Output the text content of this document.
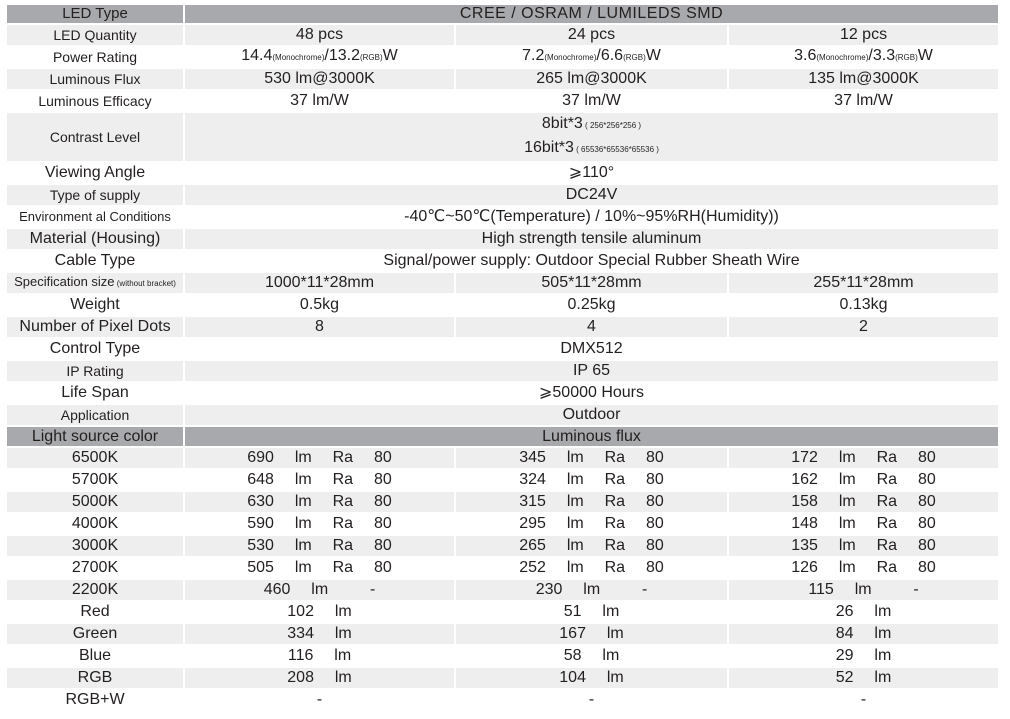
LED Type	CREE / OSRAM / LUMILEDS SMD		
LED Quantity	48 pcs	24 pcs	12 pcs
Power Rating	14.4(Monochrome)/13.2(RGB)W	7.2(Monochrome)/6.6(RGB)W	3.6(Monochrome)/3.3(RGB)W
Luminous Flux	530 lm@3000K	265 lm@3000K	135 lm@3000K
Luminous Efficacy	37 lm/W	37 lm/W	37 lm/W
Contrast Level	8bit*3 ( 256*256*256 )
16bit*3 ( 65536*65536*65536 )		

Viewing Angle	⩾110°		
Type of supply	DC24V		
Environment al Conditions	-40℃~50℃(Temperature) / 10%~95%RH(Humidity))		
Material (Housing)	High strength tensile aluminum		
Cable Type	Signal/power supply: Outdoor Special Rubber Sheath Wire		
Specification size (without bracket)	1000*11*28mm	505*11*28mm	255*11*28mm
Weight	0.5kg	0.25kg	0.13kg
Number of Pixel Dots	8	4	2
Control Type	DMX512		
IP Rating	IP 65		
Life Span	⩾50000 Hours		
Application	Outdoor		
Light source color	Luminous flux		
6500K	690  lm  Ra  80	345  lm  Ra  80	172  lm  Ra  80
5700K	648  lm  Ra  80	324  lm  Ra  80	162  lm  Ra  80
5000K	630  lm  Ra  80	315  lm  Ra  80	158  lm  Ra  80
4000K	590  lm  Ra  80	295  lm  Ra  80	148  lm  Ra  80
3000K	530  lm  Ra  80	265  lm  Ra  80	135  lm  Ra  80
2700K	505  lm  Ra  80	252  lm  Ra  80	126  lm  Ra  80
2200K	460  lm    -	230  lm    -	115  lm    -
Red	102  lm	51  lm	26  lm
Green	334  lm	167  lm	84  lm
Blue	116  lm	58  lm	29  lm
RGB	208  lm	104  lm	52  lm
RGB+W	-	-	-
